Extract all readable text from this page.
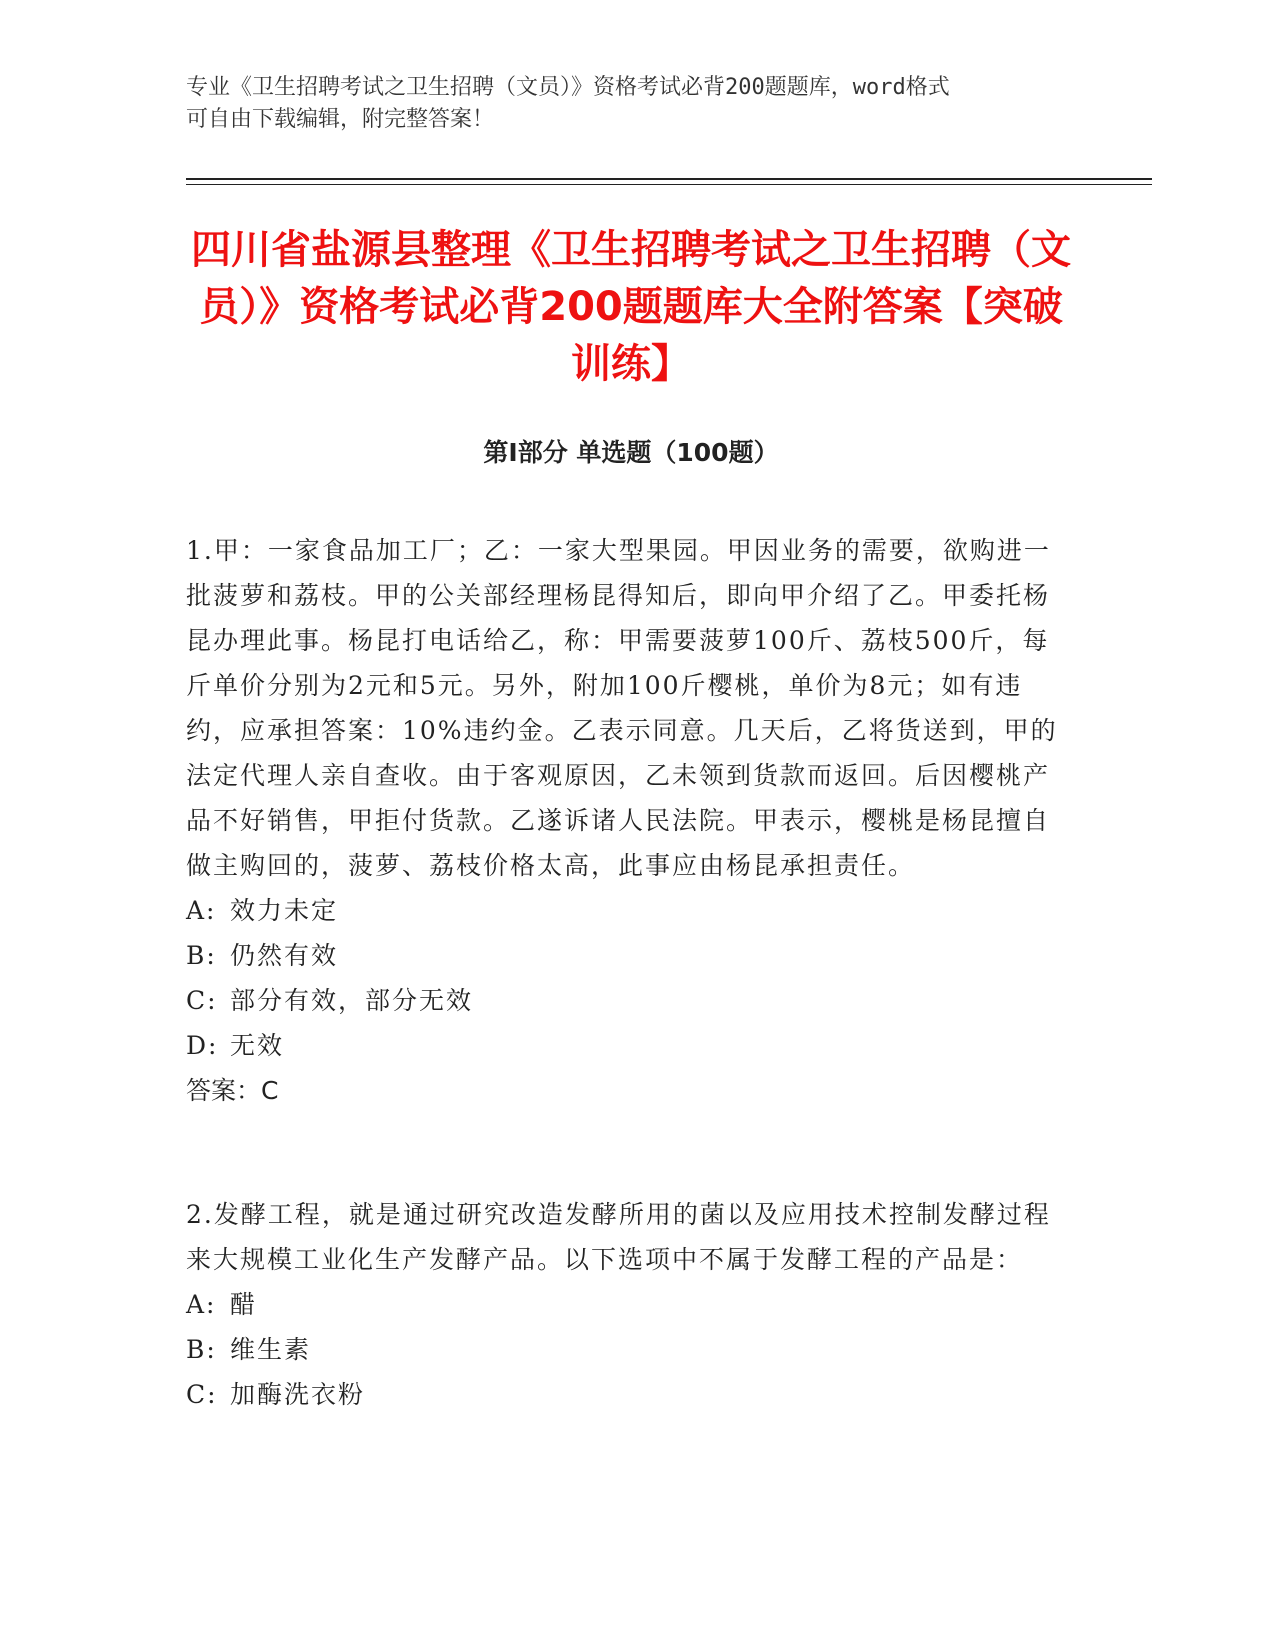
专业《卫生招聘考试之卫生招聘（文员）》资格考试必背200题题库，word格式
可自由下载编辑，附完整答案！
四川省盐源县整理《卫生招聘考试之卫生招聘（文员）》资格考试必背200题题库大全附答案【突破训练】
第Ⅰ部分 单选题（100题）

1.甲：一家食品加工厂；乙：一家大型果园。甲因业务的需要，欲购进一批菠萝和荔枝。甲的公关部经理杨昆得知后，即向甲介绍了乙。甲委托杨昆办理此事。杨昆打电话给乙，称：甲需要菠萝100斤、荔枝500斤，每斤单价分别为2元和5元。另外，附加100斤樱桃，单价为8元；如有违约，应承担答案：10%违约金。乙表示同意。几天后，乙将货送到，甲的法定代理人亲自查收。由于客观原因，乙未领到货款而返回。后因樱桃产品不好销售，甲拒付货款。乙遂诉诸人民法院。甲表示，樱桃是杨昆擅自做主购回的，菠萝、荔枝价格太高，此事应由杨昆承担责任。

A: 效力未定
B: 仍然有效
C: 部分有效，部分无效
D: 无效

答案：C

2.发酵工程，就是通过研究改造发酵所用的菌以及应用技术控制发酵过程来大规模工业化生产发酵产品。以下选项中不属于发酵工程的产品是：

A: 醋
B: 维生素
C: 加酶洗衣粉
